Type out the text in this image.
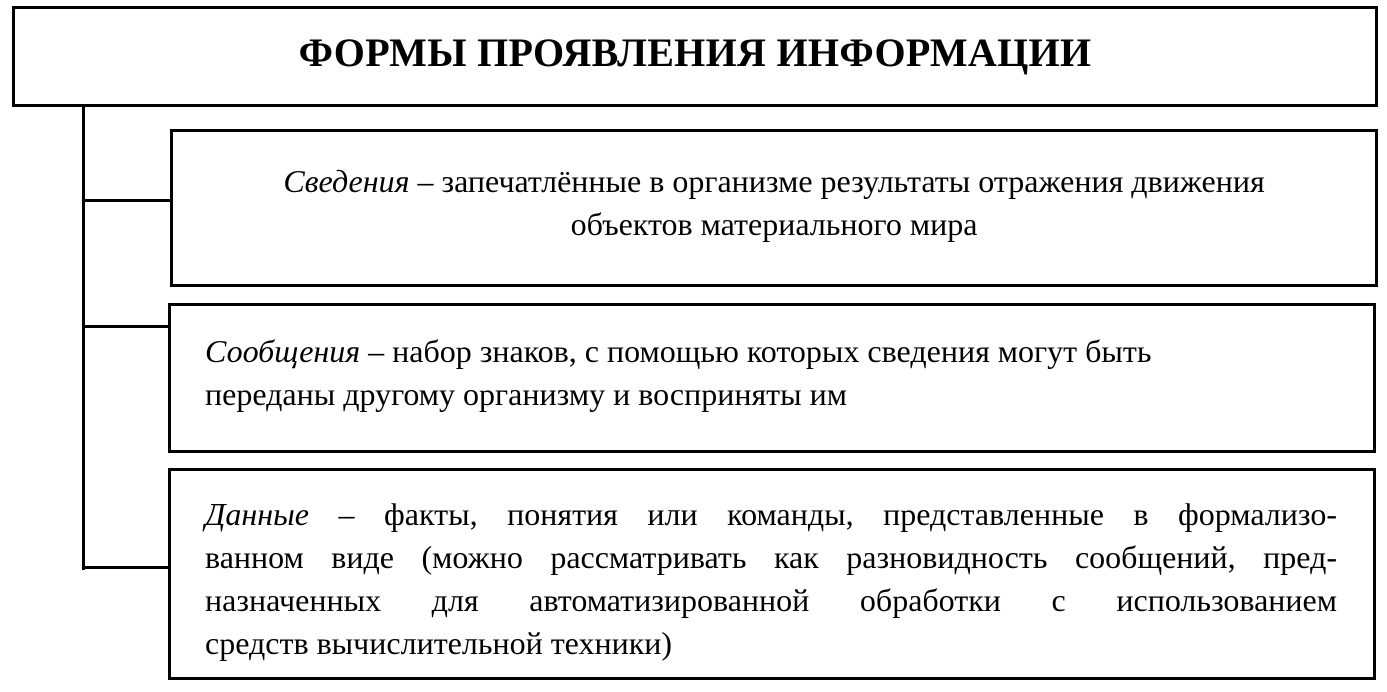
ФОРМЫ ПРОЯВЛЕНИЯ ИНФОРМАЦИИ
Сведения – запечатлённые в организме результаты отражения движения
объектов материального мира
Сообщения – набор знаков, с помощью которых сведения могут быть
переданы другому организму и восприняты им
Данные – факты, понятия или команды, представленные в формализо-
ванном виде (можно рассматривать как разновидность сообщений, пред-
назначенных для автоматизированной обработки с использованием
средств вычислительной техники)
